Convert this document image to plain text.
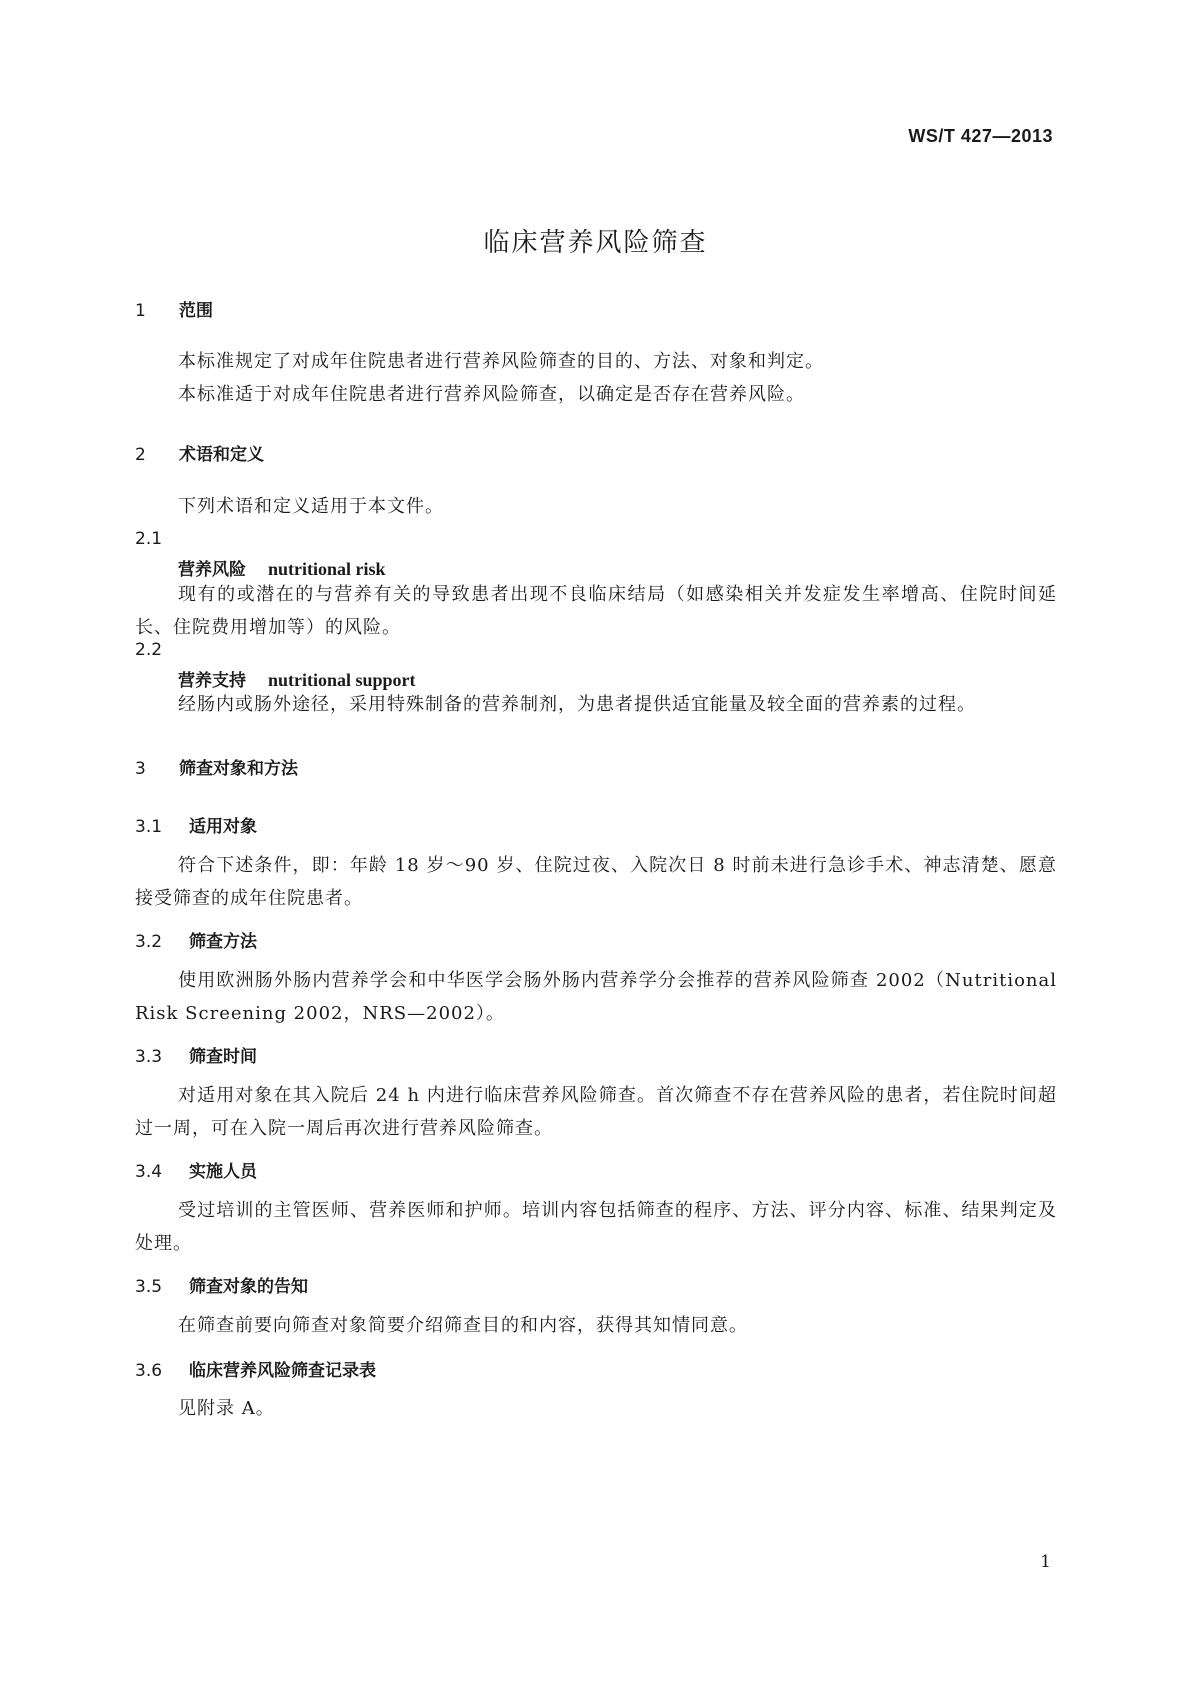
WS/T 427—2013
临床营养风险筛查
1 范围

本标准规定了对成年住院患者进行营养风险筛查的目的、方法、对象和判定。

本标准适于对成年住院患者进行营养风险筛查，以确定是否存在营养风险。

2 术语和定义

下列术语和定义适用于本文件。

2.1
营养风险 nutritional risk

现有的或潜在的与营养有关的导致患者出现不良临床结局（如感染相关并发症发生率增高、住院时间延长、住院费用增加等）的风险。

2.2
营养支持 nutritional support

经肠内或肠外途径，采用特殊制备的营养制剂，为患者提供适宜能量及较全面的营养素的过程。

3 筛查对象和方法
3.1 适用对象

符合下述条件，即：年龄 18 岁～90 岁、住院过夜、入院次日 8 时前未进行急诊手术、神志清楚、愿意接受筛查的成年住院患者。

3.2 筛查方法

使用欧洲肠外肠内营养学会和中华医学会肠外肠内营养学分会推荐的营养风险筛查 2002（Nutritional Risk Screening 2002，NRS—2002）。

3.3 筛查时间

对适用对象在其入院后 24 h 内进行临床营养风险筛查。首次筛查不存在营养风险的患者，若住院时间超过一周，可在入院一周后再次进行营养风险筛查。

3.4 实施人员

受过培训的主管医师、营养医师和护师。培训内容包括筛查的程序、方法、评分内容、标准、结果判定及处理。

3.5 筛查对象的告知

在筛查前要向筛查对象简要介绍筛查目的和内容，获得其知情同意。

3.6 临床营养风险筛查记录表

见附录 A。

1
